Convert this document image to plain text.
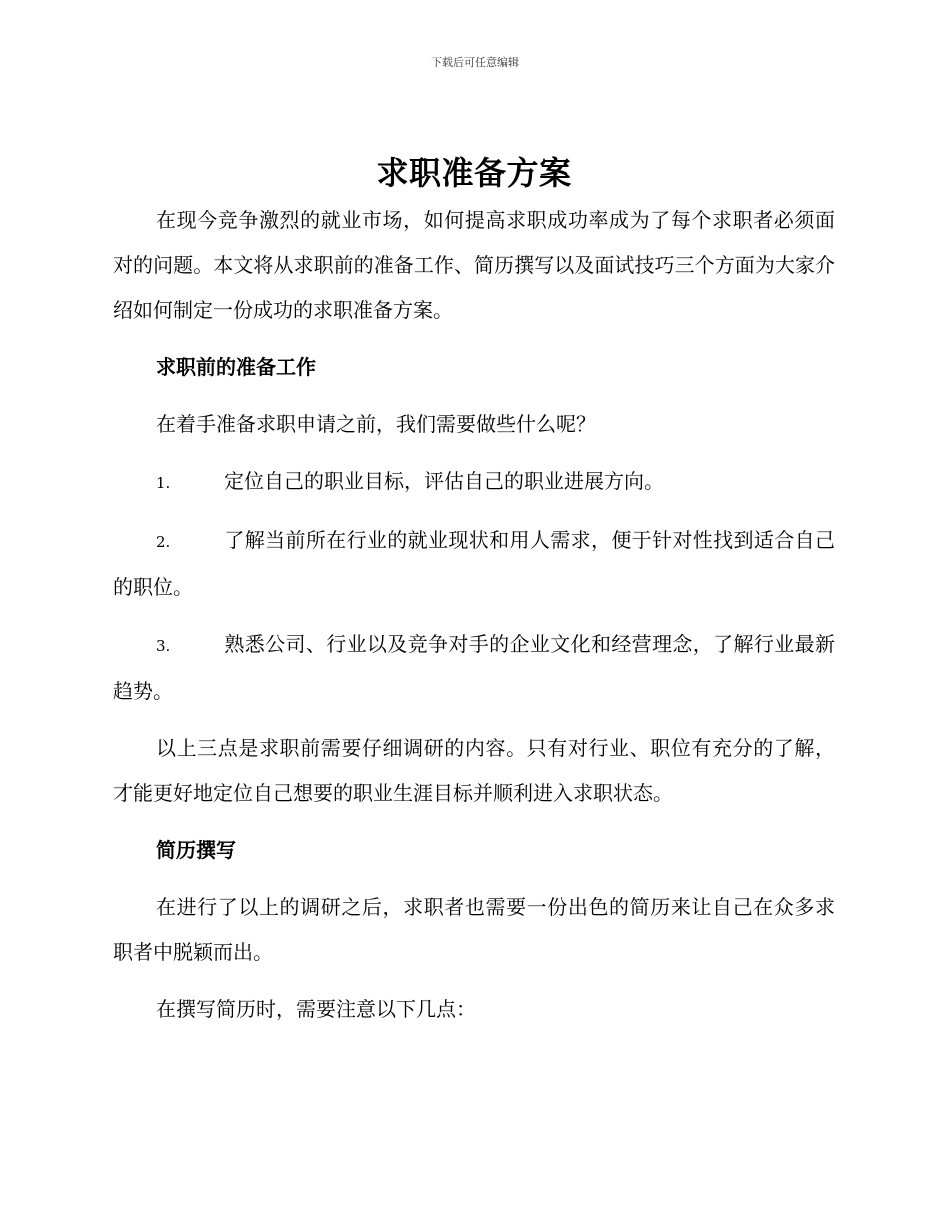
下载后可任意编辑
求职准备方案

在现今竞争激烈的就业市场，如何提高求职成功率成为了每个求职者必须面对的问题。本文将从求职前的准备工作、简历撰写以及面试技巧三个方面为大家介绍如何制定一份成功的求职准备方案。

求职前的准备工作

在着手准备求职申请之前，我们需要做些什么呢？

1.	定位自己的职业目标，评估自己的职业进展方向。

2.	了解当前所在行业的就业现状和用人需求，便于针对性找到适合自己的职位。

3.	熟悉公司、行业以及竞争对手的企业文化和经营理念，了解行业最新趋势。

以上三点是求职前需要仔细调研的内容。只有对行业、职位有充分的了解，才能更好地定位自己想要的职业生涯目标并顺利进入求职状态。

简历撰写

在进行了以上的调研之后，求职者也需要一份出色的简历来让自己在众多求职者中脱颖而出。

在撰写简历时，需要注意以下几点：
